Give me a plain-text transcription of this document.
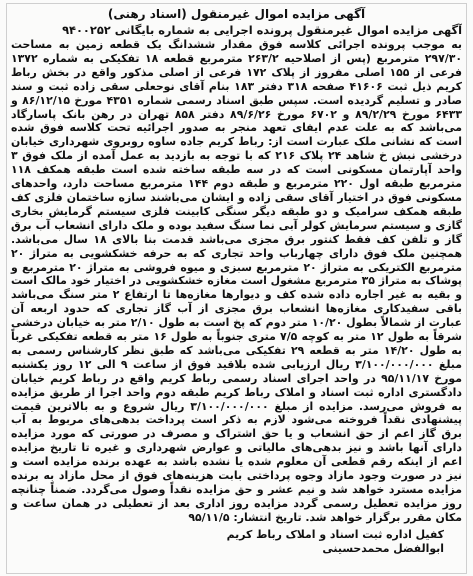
آگهی مزایده اموال غیرمنقول (اسناد رهنی)
آگهی مزایده اموال غیرمنقول پرونده اجرایی به شماره بایگانی ۹۴۰۰۲۵۲

به موجب پرونده اجرائی کلاسه فوق مقدار ششدانگ یک قطعه زمین به مساحت ۲۹۷/۳۰ مترمربع (پس از اصلاحیه ۲۶۳/۲ مترمربع قطعه ۱۸ تفکیکی به شماره ۱۳۷۲ فرعی از ۱۵۵ اصلی مفروز از پلاک ۱۷۲ فرعی از اصلی مذکور واقع در بخش رباط کریم ذیل ثبت ۴۱۶۰۶ صفحه ۳۱۸ دفتر ۱۸۳ بنام آقای نوحعلی سقی زاده ثبت و سند صادر و تسلیم گردیده است. سپس طبق اسناد رسمی شماره ۴۳۵۱ مورخ ۸۶/۱۲/۱۵ و ۶۴۳۳ مورخ ۸۹/۲/۲۹ و ۶۷۰۲ مورخ ۸۹/۶/۲۶ دفتر ۸۵۸ تهران در رهن بانک پاسارگاد می‌باشد که به علت عدم ایفای تعهد منجر به صدور اجرائیه تحت کلاسه فوق شده است که نشانی ملک عبارت است از: رباط کریم جاده ساوه روبروی شهرداری خیابان درخشی نبش خ شاهد ۲۴ پلاک ۲۱۶ که با توجه به بازدید به عمل آمده از ملک فوق ۳ واحد آپارتمان مسکونی است که در سه طبقه ساخته شده است طبقه همکف ۱۱۸ مترمربع طبقه اول ۲۲۰ مترمربع و طبقه دوم ۱۴۴ مترمربع مساحت دارد، واحدهای مسکونی فوق در اختیار آقای سقی زاده و ایشان می‌باشند سازه ساختمان فلزی کف طبقه همکف سرامیک و دو طبقه دیگر سنگی کابینت فلزی سیستم گرمایش بخاری گازی و سیستم سرمایش کولر آبی نما سنگ سفید بوده و ملک دارای انشعاب آب برق گاز و تلفن کف فقط کنتور برق مجزی می‌باشد قدمت بنا بالای ۱۸ سال می‌باشد. همچنین ملک فوق دارای چهارباب واحد تجاری که به حرفه خشکشویی به متراژ ۲۰ مترمربع الکتریکی به متراژ ۲۰ مترمربع سبزی و میوه فروشی به متراژ ۲۰ مترمربع و پوشاک به متراژ ۳۵ مترمربع مشغول است مغازه خشکشویی در اختیار خود مالک است و بقیه به غیر اجاره داده شده کف و دیوارها مغازه‌ها تا ارتفاع ۲ متر سنگ می‌باشد باقی سفیدکاری مغازه‌ها انشعاب برق مجزی از آب گاز تجاری که حدود اربعه آن عبارت از شمالاً بطول ۱۰/۲۰ متر دوم که پخ است به طول ۲/۱۰ متر به خیابان درخشی شرقاً به طول ۱۲ متر به کوچه ۷/۵ متری جنوباً به طول ۱۶ متر به قطعه تفکیکی غرباً به طول ۱۴/۲۰ متر به قطعه ۲۹ تفکیکی می‌باشد که طبق نظر کارشناس رسمی به مبلغ ۳/۱۰۰/۰۰۰/۰۰۰ ریال ارزیابی شده بلاقید فوق از ساعت ۹ الی ۱۲ روز یکشنبه مورخ ۹۵/۱۱/۱۷ در واحد اجرای اسناد رسمی رباط کریم واقع در رباط کریم خیابان دادگستری اداره ثبت اسناد و املاک رباط کریم طبقه دوم واحد اجرا از طریق مزایده به فروش می‌رسد. مزایده از مبلغ ۳/۱۰۰/۰۰۰/۰۰۰ ریال شروع و به بالاترین قیمت پیشنهادی نقداً فروخته می‌شود لازم به ذکر است پرداخت بدهی‌های مربوط به آب برق گاز اعم از حق انشعاب و یا حق اشتراک و مصرف در صورتی که مورد مزایده دارای آنها باشد و نیز بدهی‌های مالیاتی و عوارض شهرداری و غیره تا تاریخ مزایده اعم از اینکه رقم قطعی آن معلوم شده یا نشده باشد به عهده برنده مزایده است و نیز در صورت وجود مازاد وجوه پرداختی بابت هزینه‌های فوق از محل مازاد به برنده مزایده مسترد خواهد شد و نیم عشر و حق مزایده نقداً وصول می‌گردد. ضمناً چنانچه روز مزایده تعطیل رسمی گردد مزایده روز اداری بعد از تعطیلی در همان ساعت و مکان مقرر برگزار خواهد شد. تاریخ انتشار: ۹۵/۱۱/۵

کفیل اداره ثبت اسناد و املاک رباط کریم
ابوالفضل محمدحسینی
